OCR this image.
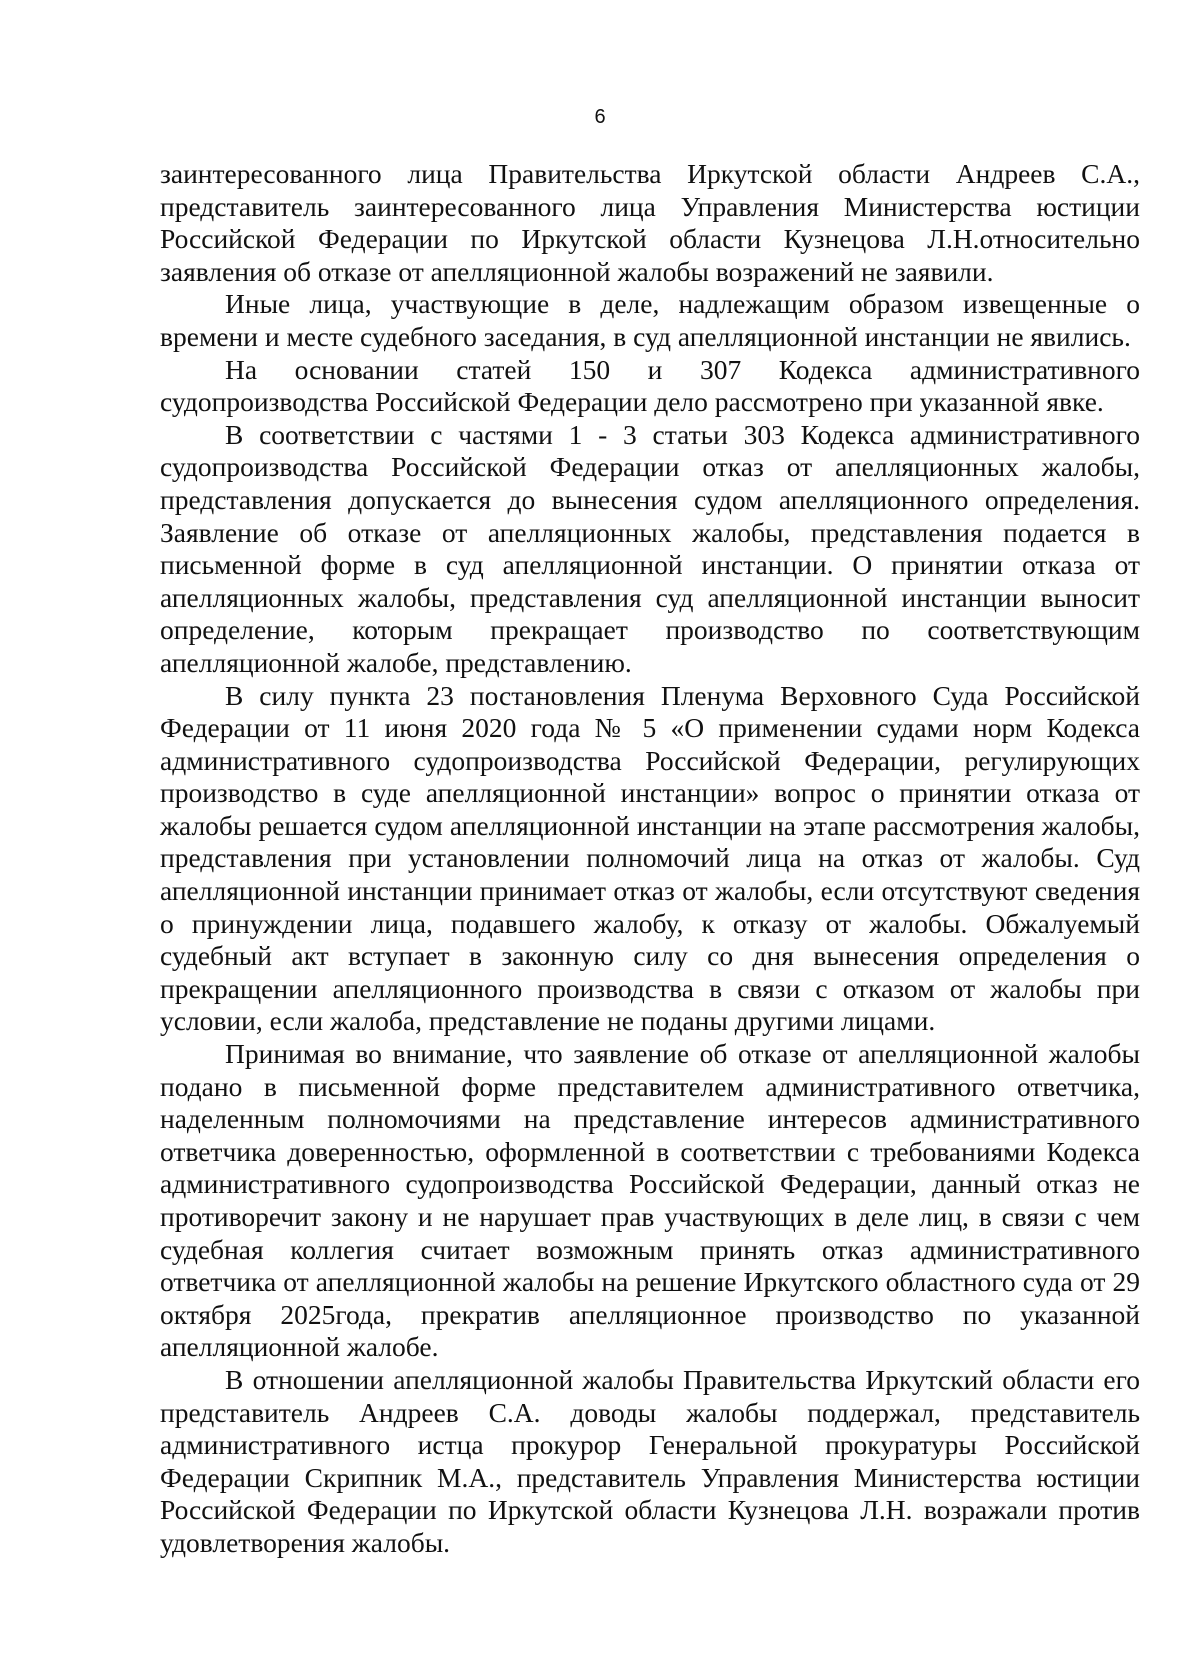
6

заинтересованного лица Правительства Иркутской области Андреев С.А., представитель заинтересованного лица Управления Министерства юстиции Российской Федерации по Иркутской области Кузнецова Л.Н.относительно заявления об отказе от апелляционной жалобы возражений не заявили.

Иные лица, участвующие в деле, надлежащим образом извещенные о времени и месте судебного заседания, в суд апелляционной инстанции не явились.

На основании статей 150 и 307 Кодекса административного судопроизводства Российской Федерации дело рассмотрено при указанной явке.

В соответствии с частями 1 - 3 статьи 303 Кодекса административного судопроизводства Российской Федерации отказ от апелляционных жалобы, представления допускается до вынесения судом апелляционного определения. Заявление об отказе от апелляционных жалобы, представления подается в письменной форме в суд апелляционной инстанции. О принятии отказа от апелляционных жалобы, представления суд апелляционной инстанции выносит определение, которым прекращает производство по соответствующим апелляционной жалобе, представлению.

В силу пункта 23 постановления Пленума Верховного Суда Российской Федерации от 11 июня 2020 года № 5 «О применении судами норм Кодекса административного судопроизводства Российской Федерации, регулирующих производство в суде апелляционной инстанции» вопрос о принятии отказа от жалобы решается судом апелляционной инстанции на этапе рассмотрения жалобы, представления при установлении полномочий лица на отказ от жалобы. Суд апелляционной инстанции принимает отказ от жалобы, если отсутствуют сведения о принуждении лица, подавшего жалобу, к отказу от жалобы. Обжалуемый судебный акт вступает в законную силу со дня вынесения определения о прекращении апелляционного производства в связи с отказом от жалобы при условии, если жалоба, представление не поданы другими лицами.

Принимая во внимание, что заявление об отказе от апелляционной жалобы подано в письменной форме представителем административного ответчика, наделенным полномочиями на представление интересов административного ответчика доверенностью, оформленной в соответствии с требованиями Кодекса административного судопроизводства Российской Федерации, данный отказ не противоречит закону и не нарушает прав участвующих в деле лиц, в связи с чем судебная коллегия считает возможным принять отказ административного ответчика от апелляционной жалобы на решение Иркутского областного суда от 29 октября 2025года, прекратив апелляционное производство по указанной апелляционной жалобе.

В отношении апелляционной жалобы Правительства Иркутский области его представитель Андреев С.А. доводы жалобы поддержал, представитель административного истца прокурор Генеральной прокуратуры Российской Федерации Скрипник М.А., представитель Управления Министерства юстиции Российской Федерации по Иркутской области Кузнецова Л.Н. возражали против удовлетворения жалобы.
